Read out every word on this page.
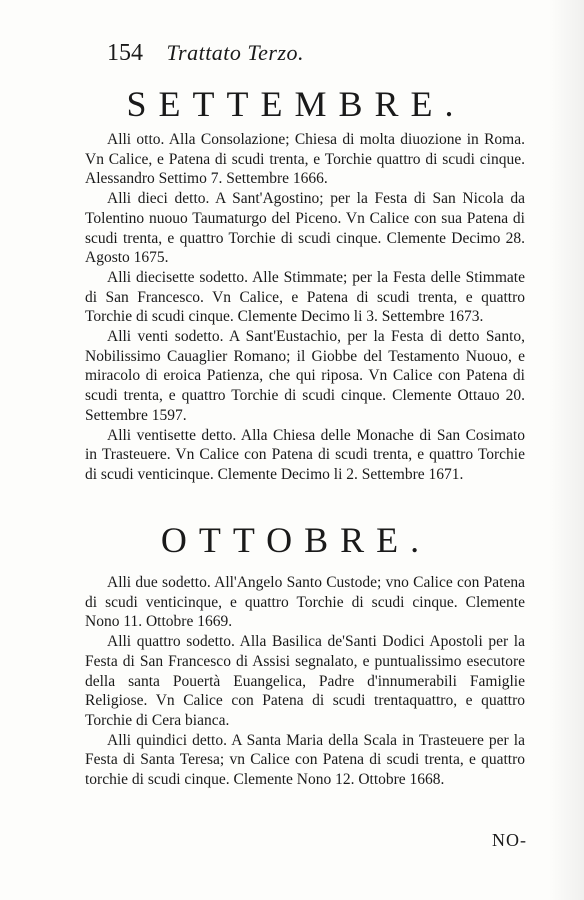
154 Trattato Terzo.
SETTEMBRE.

Alli otto. Alla Consolazione; Chiesa di molta diuozione in Roma. Vn Calice, e Patena di scudi trenta, e Torchie quattro di scudi cinque. Alessandro Settimo 7. Settembre 1666.

Alli dieci detto. A Sant'Agostino; per la Festa di San Nicola da Tolentino nuouo Taumaturgo del Piceno. Vn Calice con sua Patena di scudi trenta, e quattro Torchie di scudi cinque. Clemente Decimo 28. Agosto 1675.

Alli diecisette sodetto. Alle Stimmate; per la Festa delle Stimmate di San Francesco. Vn Calice, e Patena di scudi trenta, e quattro Torchie di scudi cinque. Clemente Decimo li 3. Settembre 1673.

Alli venti sodetto. A Sant'Eustachio, per la Festa di detto Santo, Nobilissimo Cauaglier Romano; il Giobbe del Testamento Nuouo, e miracolo di eroica Patienza, che qui riposa. Vn Calice con Patena di scudi trenta, e quattro Torchie di scudi cinque. Clemente Ottauo 20. Settembre 1597.

Alli ventisette detto. Alla Chiesa delle Monache di San Cosimato in Trasteuere. Vn Calice con Patena di scudi trenta, e quattro Torchie di scudi venticinque. Clemente Decimo li 2. Settembre 1671.

OTTOBRE.

Alli due sodetto. All'Angelo Santo Custode; vno Calice con Patena di scudi venticinque, e quattro Torchie di scudi cinque. Clemente Nono 11. Ottobre 1669.

Alli quattro sodetto. Alla Basilica de'Santi Dodici Apostoli per la Festa di San Francesco di Assisi segnalato, e puntualissimo esecutore della santa Pouertà Euangelica, Padre d'innumerabili Famiglie Religiose. Vn Calice con Patena di scudi trentaquattro, e quattro Torchie di Cera bianca.

Alli quindici detto. A Santa Maria della Scala in Trasteuere per la Festa di Santa Teresa; vn Calice con Patena di scudi trenta, e quattro torchie di scudi cinque. Clemente Nono 12. Ottobre 1668.

NO-
